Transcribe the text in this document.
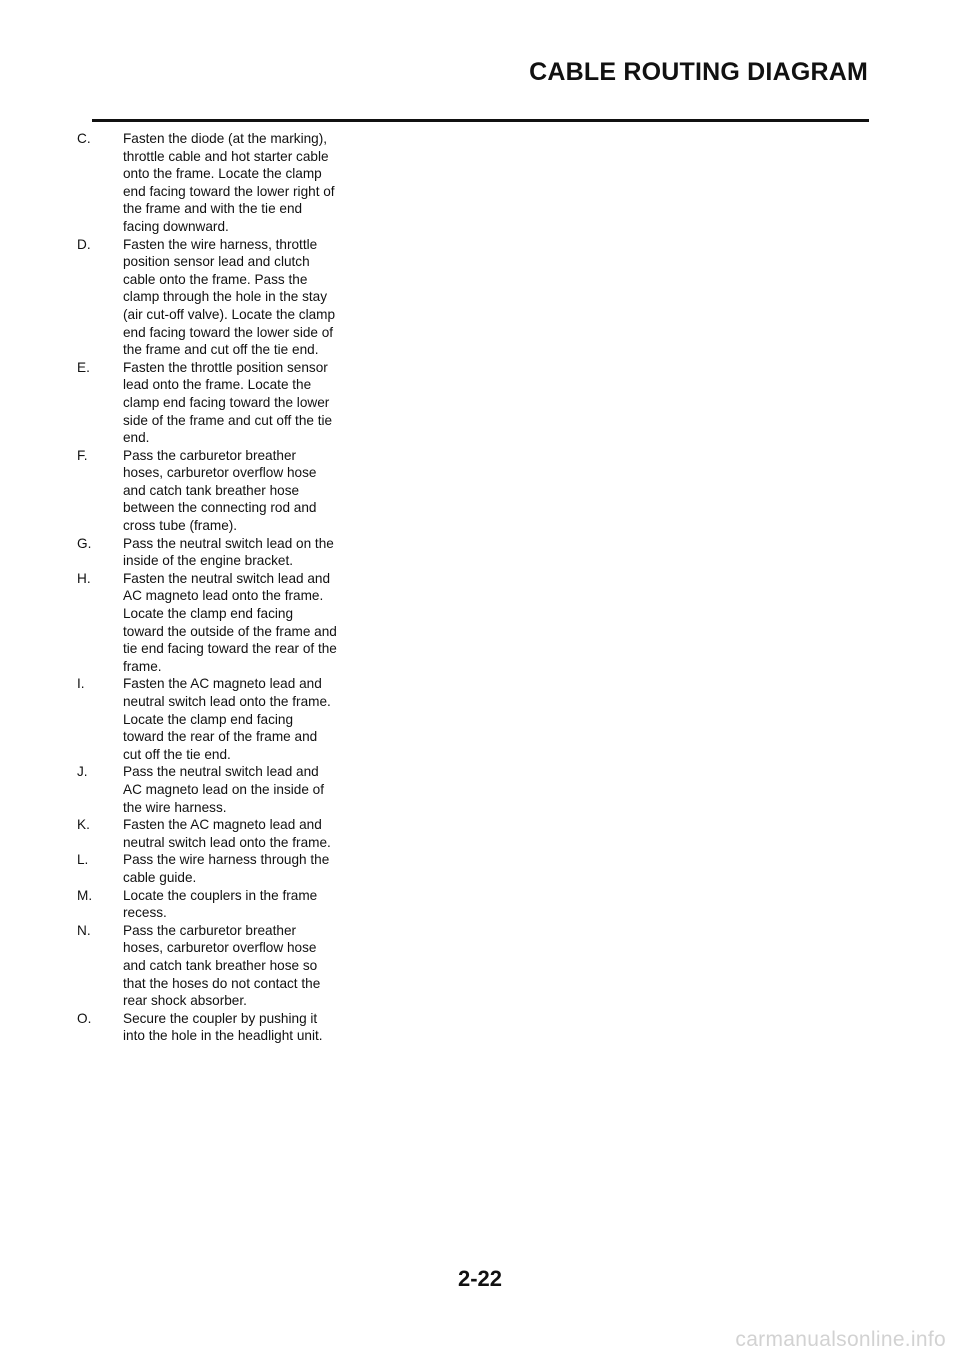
CABLE ROUTING DIAGRAM
C.	Fasten the diode (at the marking), throttle cable and hot starter cable onto the frame. Locate the clamp end facing toward the lower right of the frame and with the tie end facing downward.
D.	Fasten the wire harness, throttle position sensor lead and clutch cable onto the frame. Pass the clamp through the hole in the stay (air cut-off valve). Locate the clamp end facing toward the lower side of the frame and cut off the tie end.
E.	Fasten the throttle position sensor lead onto the frame. Locate the clamp end facing toward the lower side of the frame and cut off the tie end.
F.	Pass the carburetor breather hoses, carburetor overflow hose and catch tank breather hose between the connecting rod and cross tube (frame).
G.	Pass the neutral switch lead on the inside of the engine bracket.
H.	Fasten the neutral switch lead and AC magneto lead onto the frame. Locate the clamp end facing toward the outside of the frame and tie end facing toward the rear of the frame.
I.	Fasten the AC magneto lead and neutral switch lead onto the frame. Locate the clamp end facing toward the rear of the frame and cut off the tie end.
J.	Pass the neutral switch lead and AC magneto lead on the inside of the wire harness.
K.	Fasten the AC magneto lead and neutral switch lead onto the frame.
L.	Pass the wire harness through the cable guide.
M.	Locate the couplers in the frame recess.
N.	Pass the carburetor breather hoses, carburetor overflow hose and catch tank breather hose so that the hoses do not contact the rear shock absorber.
O.	Secure the coupler by pushing it into the hole in the headlight unit.
2-22
carmanualsonline.info
